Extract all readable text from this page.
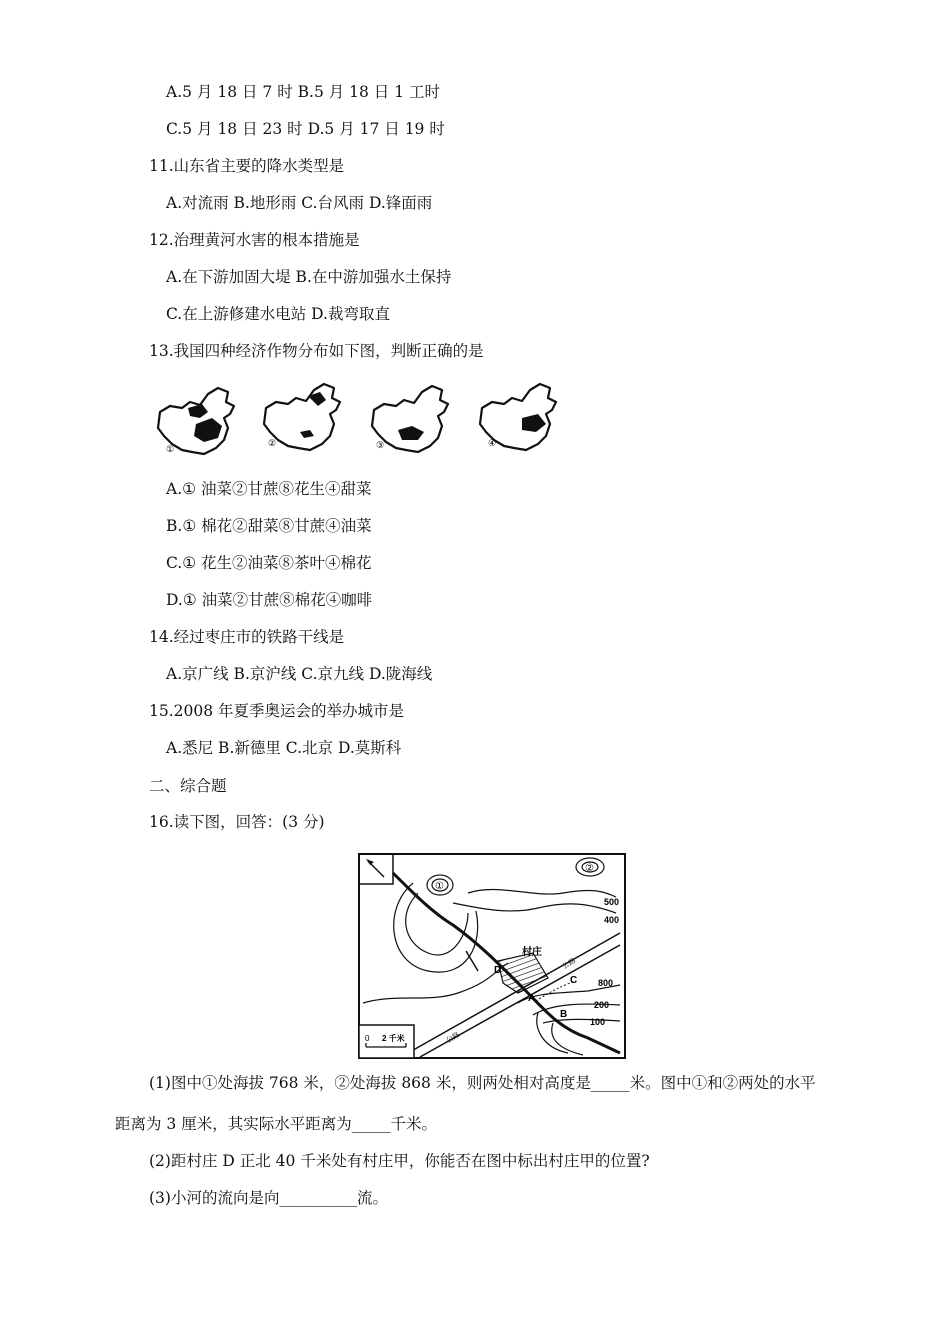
A.5 月 18 日 7 时 B.5 月 18 日 1 工时
C.5 月 18 日 23 时 D.5 月 17 日 19 时
11.山东省主要的降水类型是
A.对流雨 B.地形雨 C.台风雨 D.锋面雨
12.治理黄河水害的根本措施是
A.在下游加固大堤 B.在中游加强水土保持
C.在上游修建水电站 D.裁弯取直
13.我国四种经济作物分布如下图，判断正确的是
①
②	③	④
A.① 油菜②甘蔗⑧花生④甜菜
B.① 棉花②甜菜⑧甘蔗④油菜
C.① 花生②油菜⑧茶叶④棉花
D.① 油菜②甘蔗⑧棉花④咖啡
14.经过枣庄市的铁路干线是
A.京广线 B.京沪线 C.京九线 D.陇海线
15.2008 年夏季奥运会的举办城市是
A.悉尼 B.新德里 C.北京 D.莫斯科
二、综合题
16.读下图，回答：(3 分)
①
②
500
400
800
200
100
村庄
A
B
C
D	公路
公路
0 2 千米
(1)图中①处海拔 768 米，②处海拔 868 米，则两处相对高度是_____米。图中①和②两处的水平
距离为 3 厘米，其实际水平距离为_____千米。
(2)距村庄 D 正北 40 千米处有村庄甲，你能否在图中标出村庄甲的位置?
(3)小河的流向是向__________流。
